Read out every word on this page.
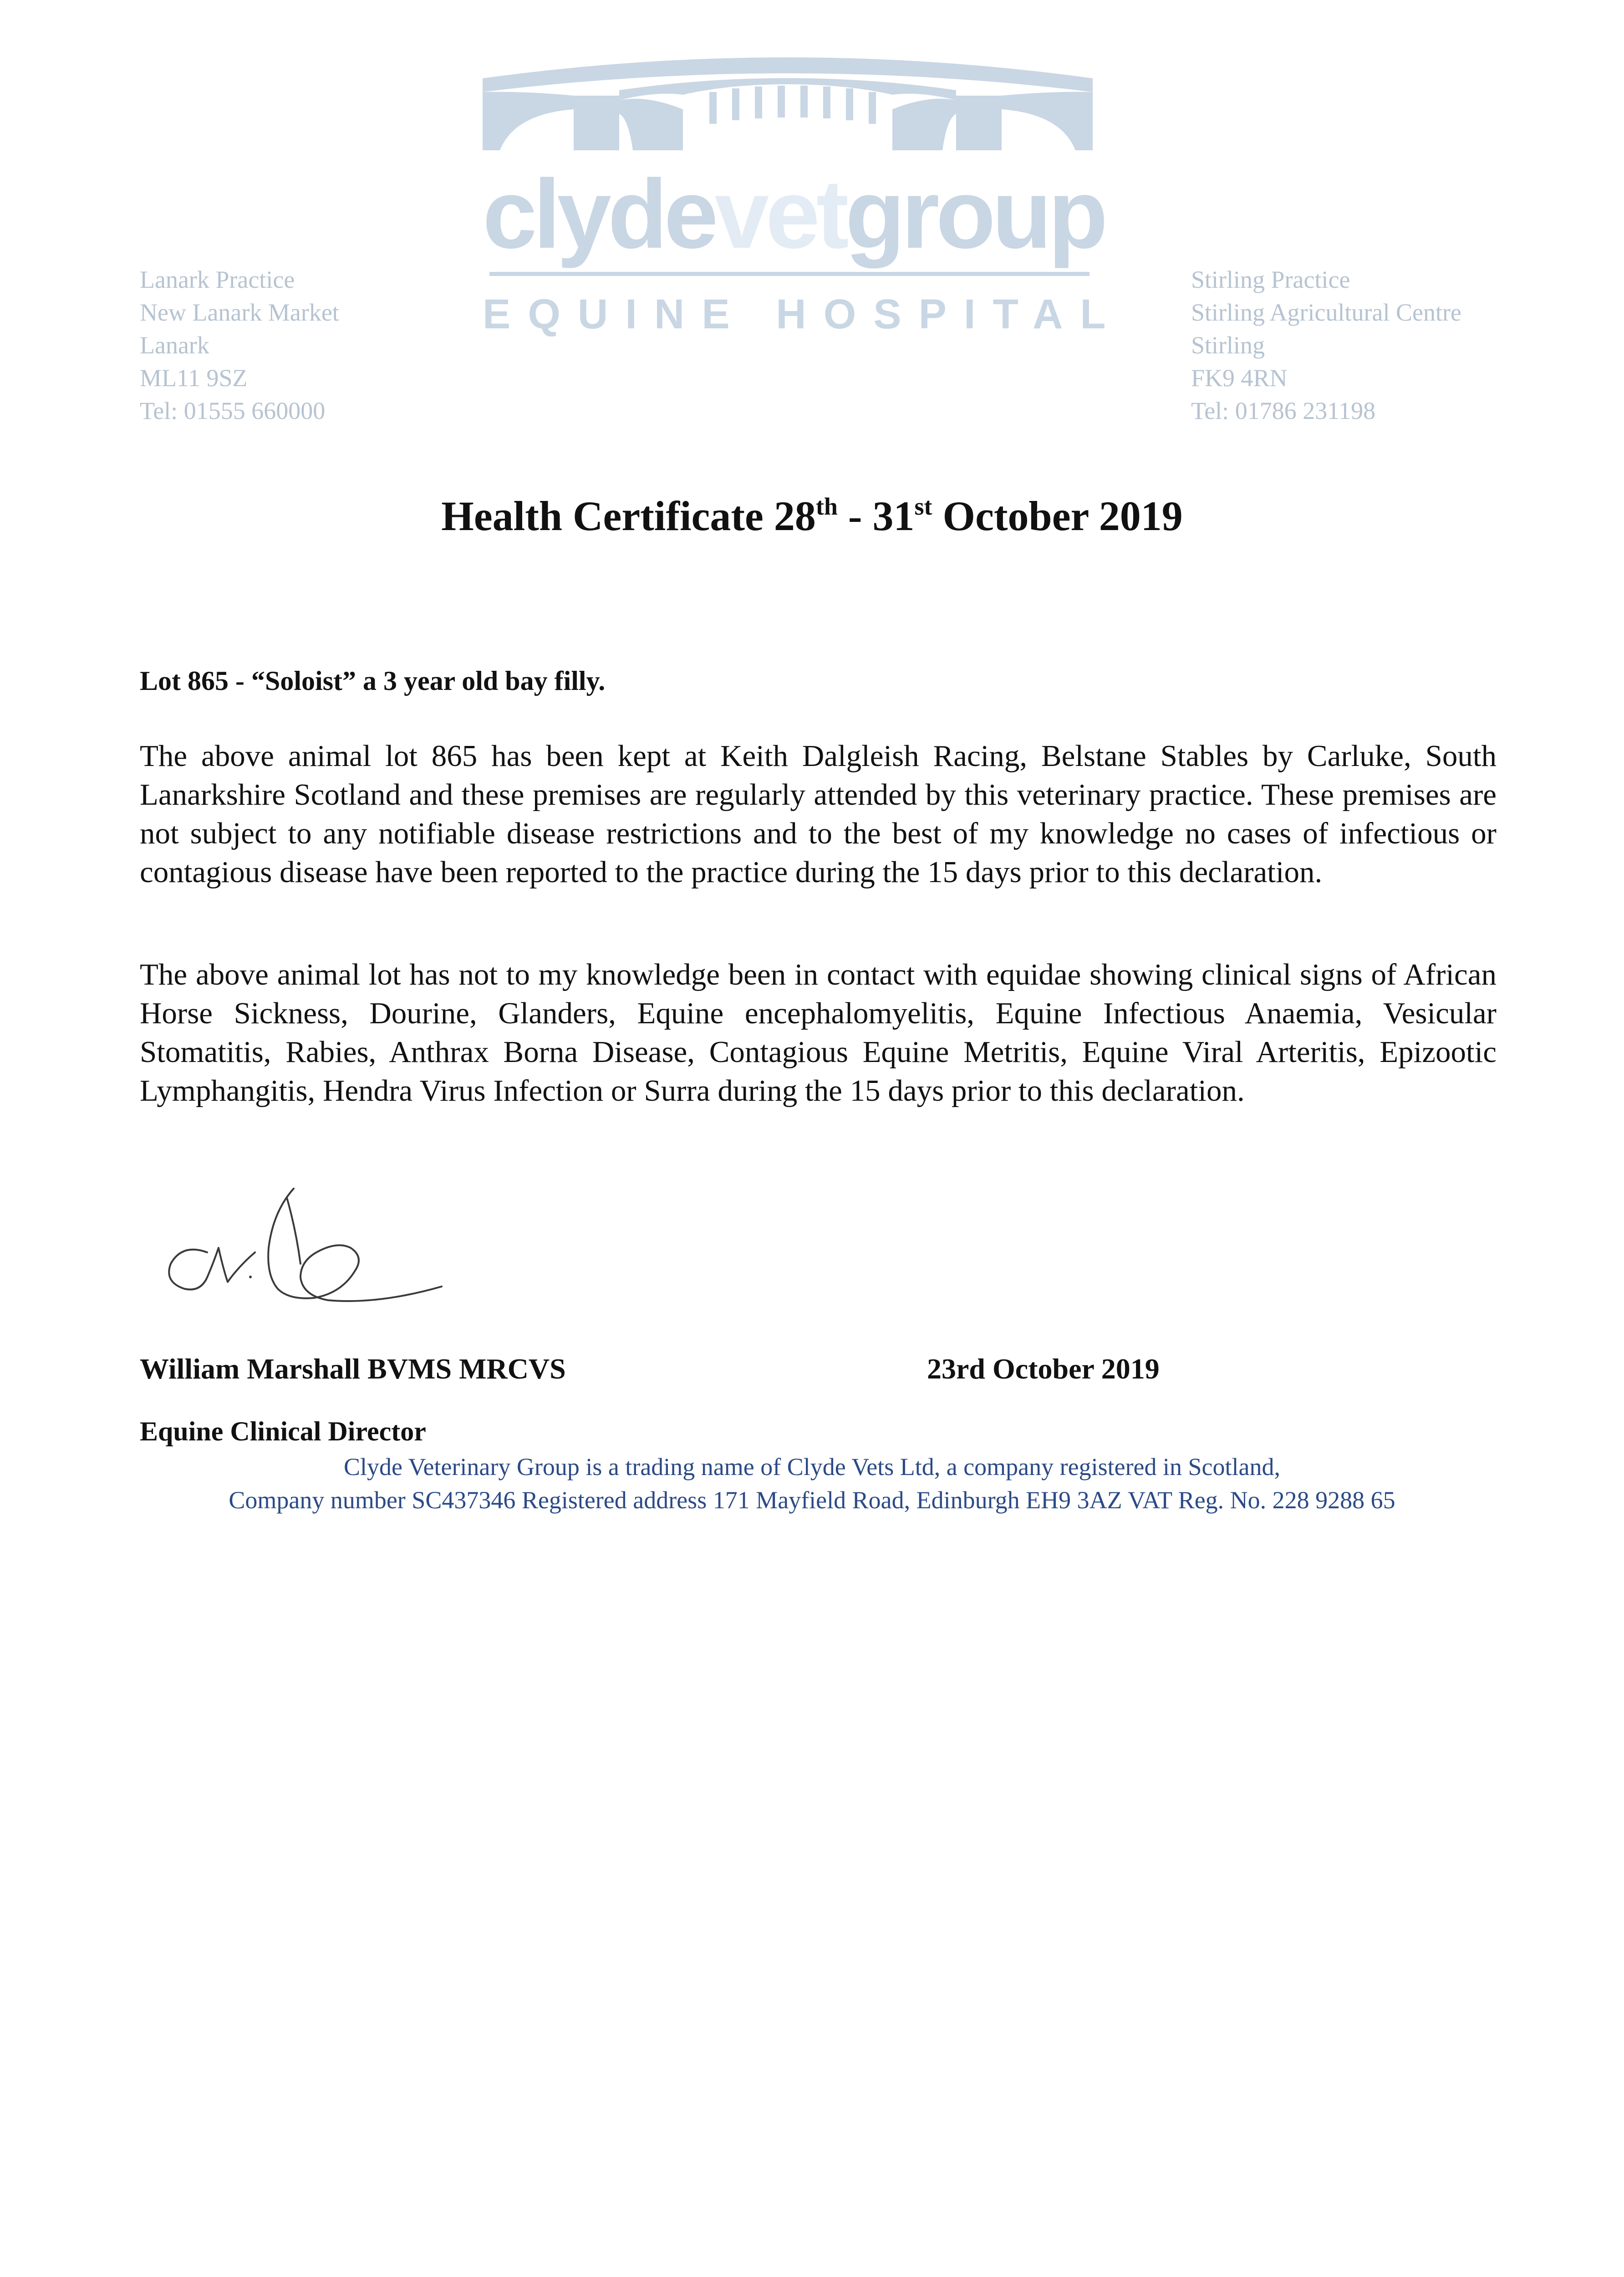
Lanark Practice
New Lanark Market
Lanark
ML11 9SZ
Tel: 01555 660000
Stirling Practice
Stirling Agricultural Centre
Stirling
FK9 4RN
Tel: 01786 231198
clydevetgroup
EQUINE HOSPITAL
Health Certificate 28th - 31st October 2019
Lot 865 - “Soloist” a 3 year old bay filly.
The above animal lot 865 has been kept at Keith Dalgleish Racing, Belstane Stables by Carluke, South Lanarkshire Scotland and these premises are regularly attended by this veterinary practice. These premises are not subject to any notifiable disease restrictions and to the best of my knowledge no cases of infectious or contagious disease have been reported to the practice during the 15 days prior to this declaration.
The above animal lot has not to my knowledge been in contact with equidae showing clinical signs of African Horse Sickness, Dourine, Glanders, Equine encephalomyelitis, Equine Infectious Anaemia, Vesicular Stomatitis, Rabies, Anthrax Borna Disease, Contagious Equine Metritis, Equine Viral Arteritis, Epizootic Lymphangitis, Hendra Virus Infection or Surra during the 15 days prior to this declaration.
William Marshall BVMS MRCVS	23rd October 2019
Equine Clinical Director
Clyde Veterinary Group is a trading name of Clyde Vets Ltd, a company registered in Scotland,
Company number SC437346 Registered address 171 Mayfield Road, Edinburgh EH9 3AZ VAT Reg. No. 228 9288 65
